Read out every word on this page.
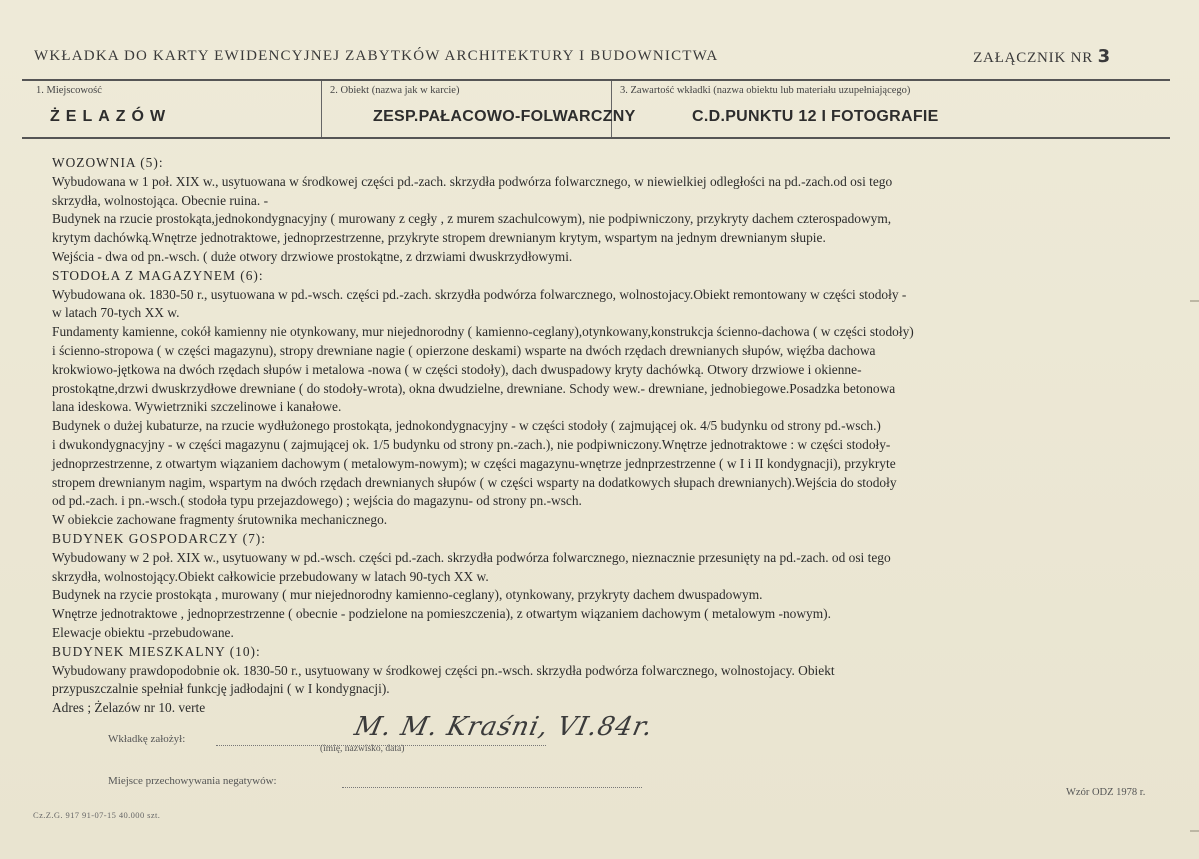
WKŁADKA DO KARTY EWIDENCYJNEJ ZABYTKÓW ARCHITEKTURY I BUDOWNICTWA	ZAŁĄCZNIK NR 3
1. Miejscowość	2. Obiekt (nazwa jak w karcie)	3. Zawartość wkładki (nazwa obiektu lub materiału uzupełniającego)
ŻELAZÓW	ZESP.PAŁACOWO-FOLWARCZNY	C.D.PUNKTU 12 I FOTOGRAFIE

WOZOWNIA (5):

Wybudowana w 1 poł. XIX w., usytuowana w środkowej części pd.-zach. skrzydła podwórza folwarcznego, w niewielkiej odległości na pd.-zach.od osi tego

skrzydła, wolnostojąca. Obecnie ruina. -

Budynek na rzucie prostokąta,jednokondygnacyjny ( murowany z cegły , z murem szachulcowym), nie podpiwniczony, przykryty dachem czterospadowym,

krytym dachówką.Wnętrze jednotraktowe, jednoprzestrzenne, przykryte stropem drewnianym krytym, wspartym na jednym drewnianym słupie.

Wejścia - dwa od pn.-wsch. ( duże otwory drzwiowe prostokątne, z drzwiami dwuskrzydłowymi.

STODOŁA Z MAGAZYNEM (6):

Wybudowana ok. 1830-50 r., usytuowana w pd.-wsch. części pd.-zach. skrzydła podwórza folwarcznego, wolnostojacy.Obiekt remontowany w części stodoły -

w latach 70-tych XX w.

Fundamenty kamienne, cokół kamienny nie otynkowany, mur niejednorodny ( kamienno-ceglany),otynkowany,konstrukcja ścienno-dachowa ( w części stodoły)

i ścienno-stropowa ( w części magazynu), stropy drewniane nagie ( opierzone deskami) wsparte na dwóch rzędach drewnianych słupów, więźba dachowa

krokwiowo-jętkowa na dwóch rzędach słupów i metalowa -nowa ( w części stodoły), dach dwuspadowy kryty dachówką. Otwory drzwiowe i okienne-

prostokątne,drzwi dwuskrzydłowe drewniane ( do stodoły-wrota), okna dwudzielne, drewniane. Schody wew.- drewniane, jednobiegowe.Posadzka betonowa

lana ideskowa. Wywietrzniki szczelinowe i kanałowe.

Budynek o dużej kubaturze, na rzucie wydłużonego prostokąta, jednokondygnacyjny - w części stodoły ( zajmującej ok. 4/5 budynku od strony pd.-wsch.)

i dwukondygnacyjny - w części magazynu ( zajmującej ok. 1/5 budynku od strony pn.-zach.), nie podpiwniczony.Wnętrze jednotraktowe : w części stodoły-

jednoprzestrzenne, z otwartym wiązaniem dachowym ( metalowym-nowym); w części magazynu-wnętrze jednprzestrzenne ( w I i II kondygnacji), przykryte

stropem drewnianym nagim, wspartym na dwóch rzędach drewnianych słupów ( w części wsparty na dodatkowych słupach drewnianych).Wejścia do stodoły

od pd.-zach. i pn.-wsch.( stodoła typu przejazdowego) ; wejścia do magazynu- od strony pn.-wsch.

W obiekcie zachowane fragmenty śrutownika mechanicznego.

BUDYNEK GOSPODARCZY (7):

Wybudowany w 2 poł. XIX w., usytuowany w pd.-wsch. części pd.-zach. skrzydła podwórza folwarcznego, nieznacznie przesunięty na pd.-zach. od osi tego

skrzydła, wolnostojący.Obiekt całkowicie przebudowany w latach 90-tych XX w.

Budynek na rzycie prostokąta , murowany ( mur niejednorodny kamienno-ceglany), otynkowany, przykryty dachem dwuspadowym.

Wnętrze jednotraktowe , jednoprzestrzenne ( obecnie - podzielone na pomieszczenia), z otwartym wiązaniem dachowym ( metalowym -nowym).

Elewacje obiektu -przebudowane.

BUDYNEK MIESZKALNY (10):

Wybudowany prawdopodobnie ok. 1830-50 r., usytuowany w środkowej części pn.-wsch. skrzydła podwórza folwarcznego, wolnostojacy. Obiekt

przypuszczalnie spełniał funkcję jadłodajni ( w I kondygnacji).

Adres ; Żelazów nr 10. verte

Wkładkę założył:	M. M. Kraśni, VI.84r.
(imię, nazwisko, data)
Miejsce przechowywania negatywów:
Wzór ODZ 1978 r.
Cz.Z.G. 917 91-07-15 40.000 szt.
